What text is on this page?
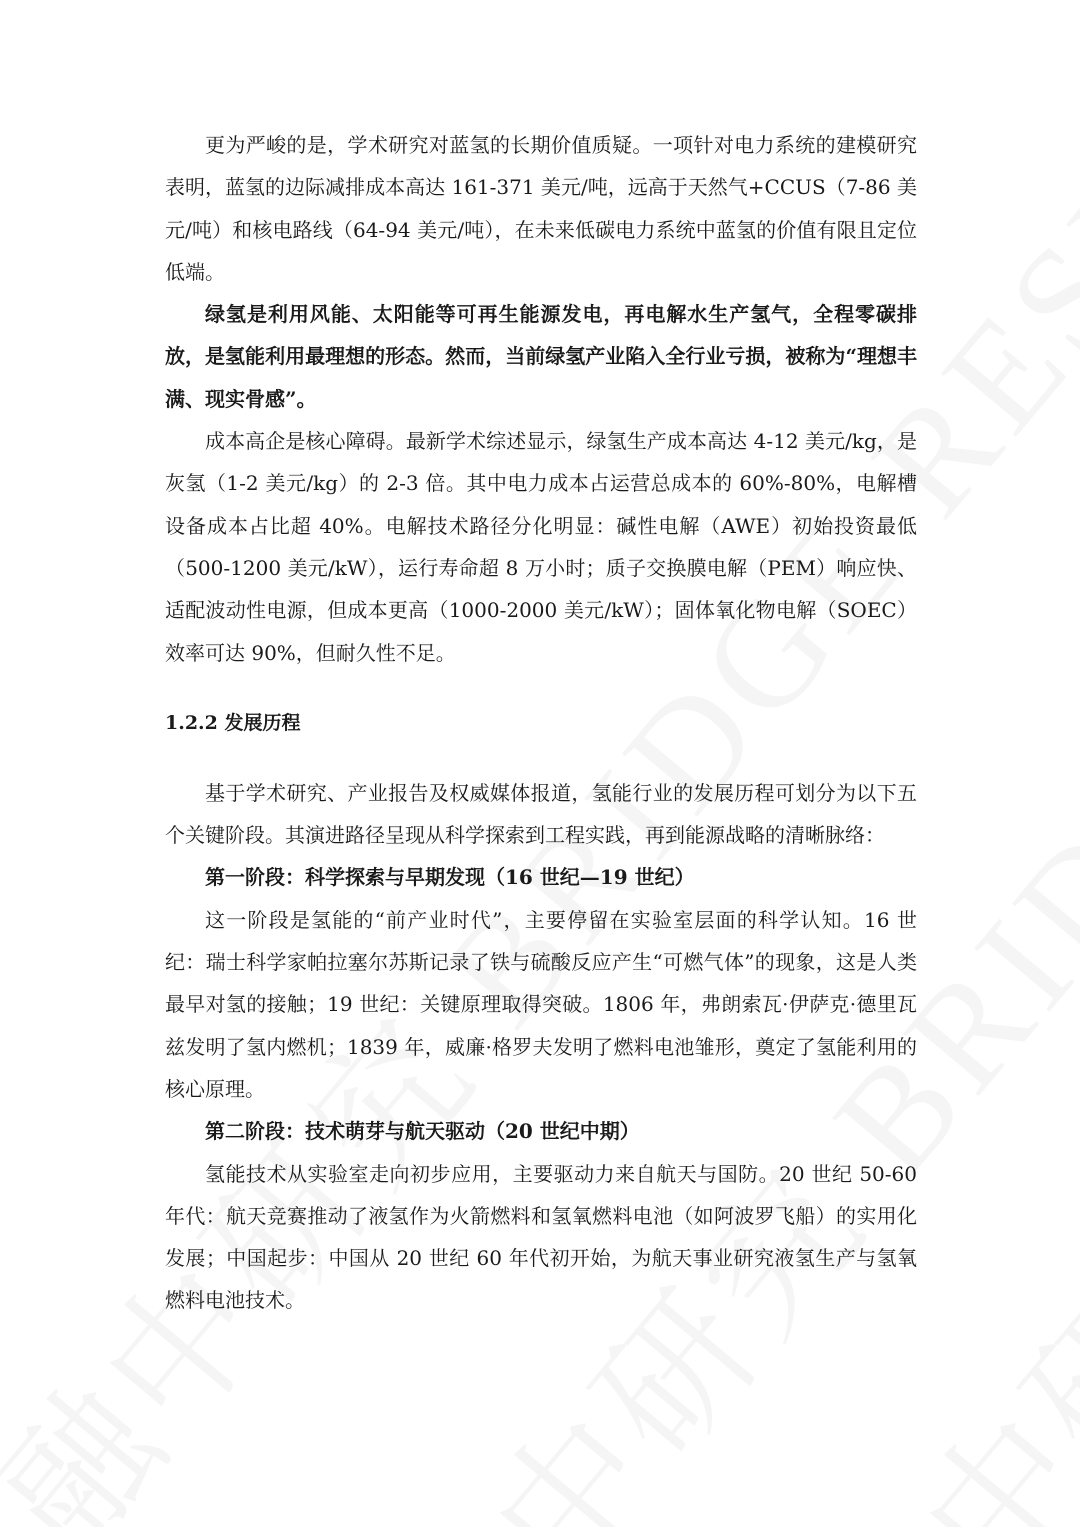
更为严峻的是，学术研究对蓝氢的长期价值质疑。一项针对电力系统的建模研究表明，蓝氢的边际减排成本高达 161-371 美元/吨，远高于天然气+CCUS（7-86 美元/吨）和核电路线（64-94 美元/吨），在未来低碳电力系统中蓝氢的价值有限且定位低端。

绿氢是利用风能、太阳能等可再生能源发电，再电解水生产氢气，全程零碳排放，是氢能利用最理想的形态。然而，当前绿氢产业陷入全行业亏损，被称为“理想丰满、现实骨感”。

成本高企是核心障碍。最新学术综述显示，绿氢生产成本高达 4-12 美元/kg，是灰氢（1-2 美元/kg）的 2-3 倍。其中电力成本占运营总成本的 60%-80%，电解槽设备成本占比超 40%。电解技术路径分化明显：碱性电解（AWE）初始投资最低（500-1200 美元/kW），运行寿命超 8 万小时；质子交换膜电解（PEM）响应快、适配波动性电源，但成本更高（1000-2000 美元/kW）；固体氧化物电解（SOEC）效率可达 90%，但耐久性不足。

1.2.2 发展历程

基于学术研究、产业报告及权威媒体报道，氢能行业的发展历程可划分为以下五个关键阶段。其演进路径呈现从科学探索到工程实践，再到能源战略的清晰脉络：

第一阶段：科学探索与早期发现（16 世纪—19 世纪）

这一阶段是氢能的“前产业时代”，主要停留在实验室层面的科学认知。16 世纪：瑞士科学家帕拉塞尔苏斯记录了铁与硫酸反应产生“可燃气体”的现象，这是人类最早对氢的接触；19 世纪：关键原理取得突破。1806 年，弗朗索瓦·伊萨克·德里瓦兹发明了氢内燃机；1839 年，威廉·格罗夫发明了燃料电池雏形，奠定了氢能利用的核心原理。

第二阶段：技术萌芽与航天驱动（20 世纪中期）

氢能技术从实验室走向初步应用，主要驱动力来自航天与国防。20 世纪 50-60 年代：航天竞赛推动了液氢作为火箭燃料和氢氧燃料电池（如阿波罗飞船）的实用化发展；中国起步：中国从 20 世纪 60 年代初开始，为航天事业研究液氢生产与氢氧燃料电池技术。
